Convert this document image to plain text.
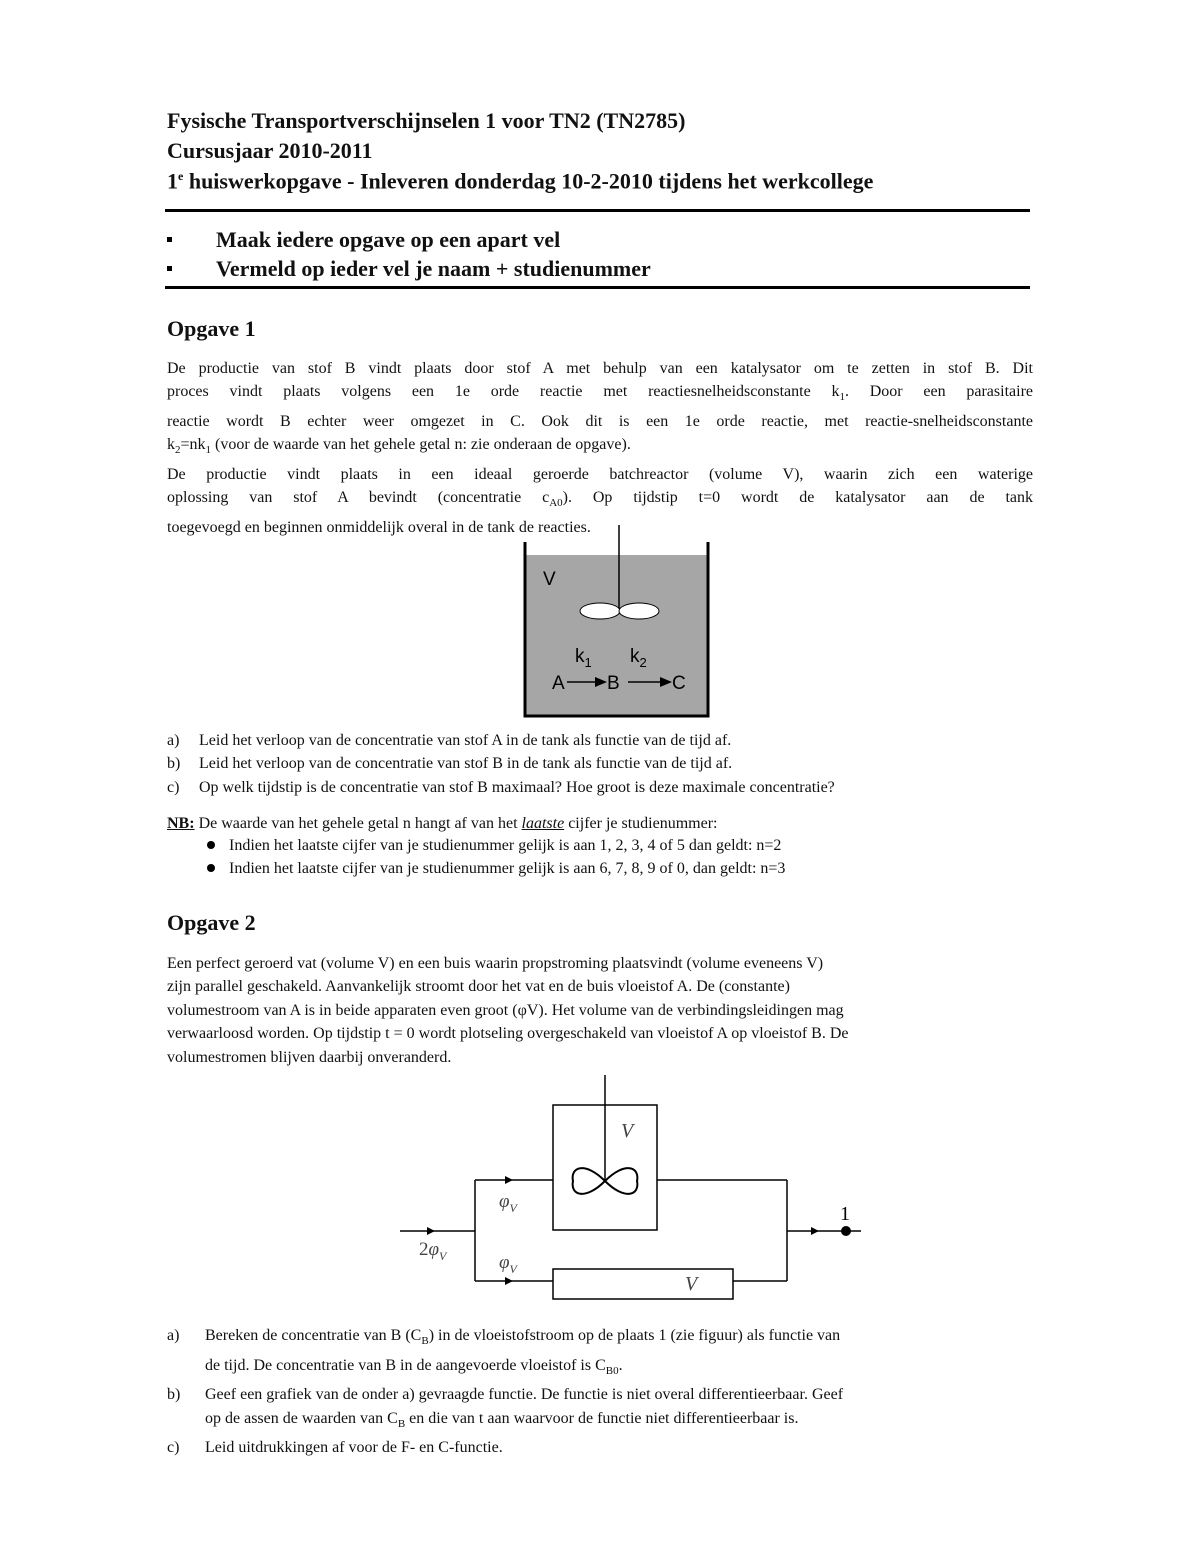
Fysische Transportverschijnselen 1 voor TN2 (TN2785)
Cursusjaar 2010-2011
1e huiswerkopgave - Inleveren donderdag 10-2-2010 tijdens het werkcollege
Maak iedere opgave op een apart vel
Vermeld op ieder vel je naam + studienummer
Opgave 1
De productie van stof B vindt plaats door stof A met behulp van een katalysator om te zetten in stof B. Dit
proces vindt plaats volgens een 1e orde reactie met reactiesnelheidsconstante $k_1$. Door een parasitaire
reactie wordt B echter weer omgezet in C. Ook dit is een 1e orde reactie, met reactie-snelheidsconstante
$k_2=nk_1$ (voor de waarde van het gehele getal n: zie onderaan de opgave).
De productie vindt plaats in een ideaal geroerde batchreactor (volume V), waarin zich een waterige
oplossing van stof A bevindt (concentratie $c_{A0}$). Op tijdstip t=0 wordt de katalysator aan de tank
toegevoegd en beginnen onmiddelijk overal in de tank de reacties.
V
$k_1$ $k_2$
A B	C
a)	Leid het verloop van de concentratie van stof A in de tank als functie van de tijd af.
b)	Leid het verloop van de concentratie van stof B in de tank als functie van de tijd af.
c)	Op welk tijdstip is de concentratie van stof B maximaal? Hoe groot is deze maximale concentratie?
NB: De waarde van het gehele getal n hangt af van het laatste cijfer je studienummer:
Indien het laatste cijfer van je studienummer gelijk is aan 1, 2, 3, 4 of 5 dan geldt: n=2
Indien het laatste cijfer van je studienummer gelijk is aan 6, 7, 8, 9 of 0, dan geldt: n=3
Opgave 2
Een perfect geroerd vat (volume V) en een buis waarin propstroming plaatsvindt (volume eveneens V)
zijn parallel geschakeld. Aanvankelijk stroomt door het vat en de buis vloeistof A. De (constante)
volumestroom van A is in beide apparaten even groot (φV). Het volume van de verbindingsleidingen mag
verwaarloosd worden. Op tijdstip t = 0 wordt plotseling overgeschakeld van vloeistof A op vloeistof B. De
volumestromen blijven daarbij onveranderd.
V
V
1
$\varphi_V$
$\varphi_V$
$2\varphi_V$
a)	Bereken de concentratie van B $(C_B)$ in de vloeistofstroom op de plaats 1 (zie figuur) als functie van
de tijd. De concentratie van B in de aangevoerde vloeistof is $C_{B0}$.
b)	Geef een grafiek van de onder a) gevraagde functie. De functie is niet overal differentieerbaar. Geef
op de assen de waarden van $C_B$ en die van t aan waarvoor de functie niet differentieerbaar is.
c)	Leid uitdrukkingen af voor de F- en C-functie.
